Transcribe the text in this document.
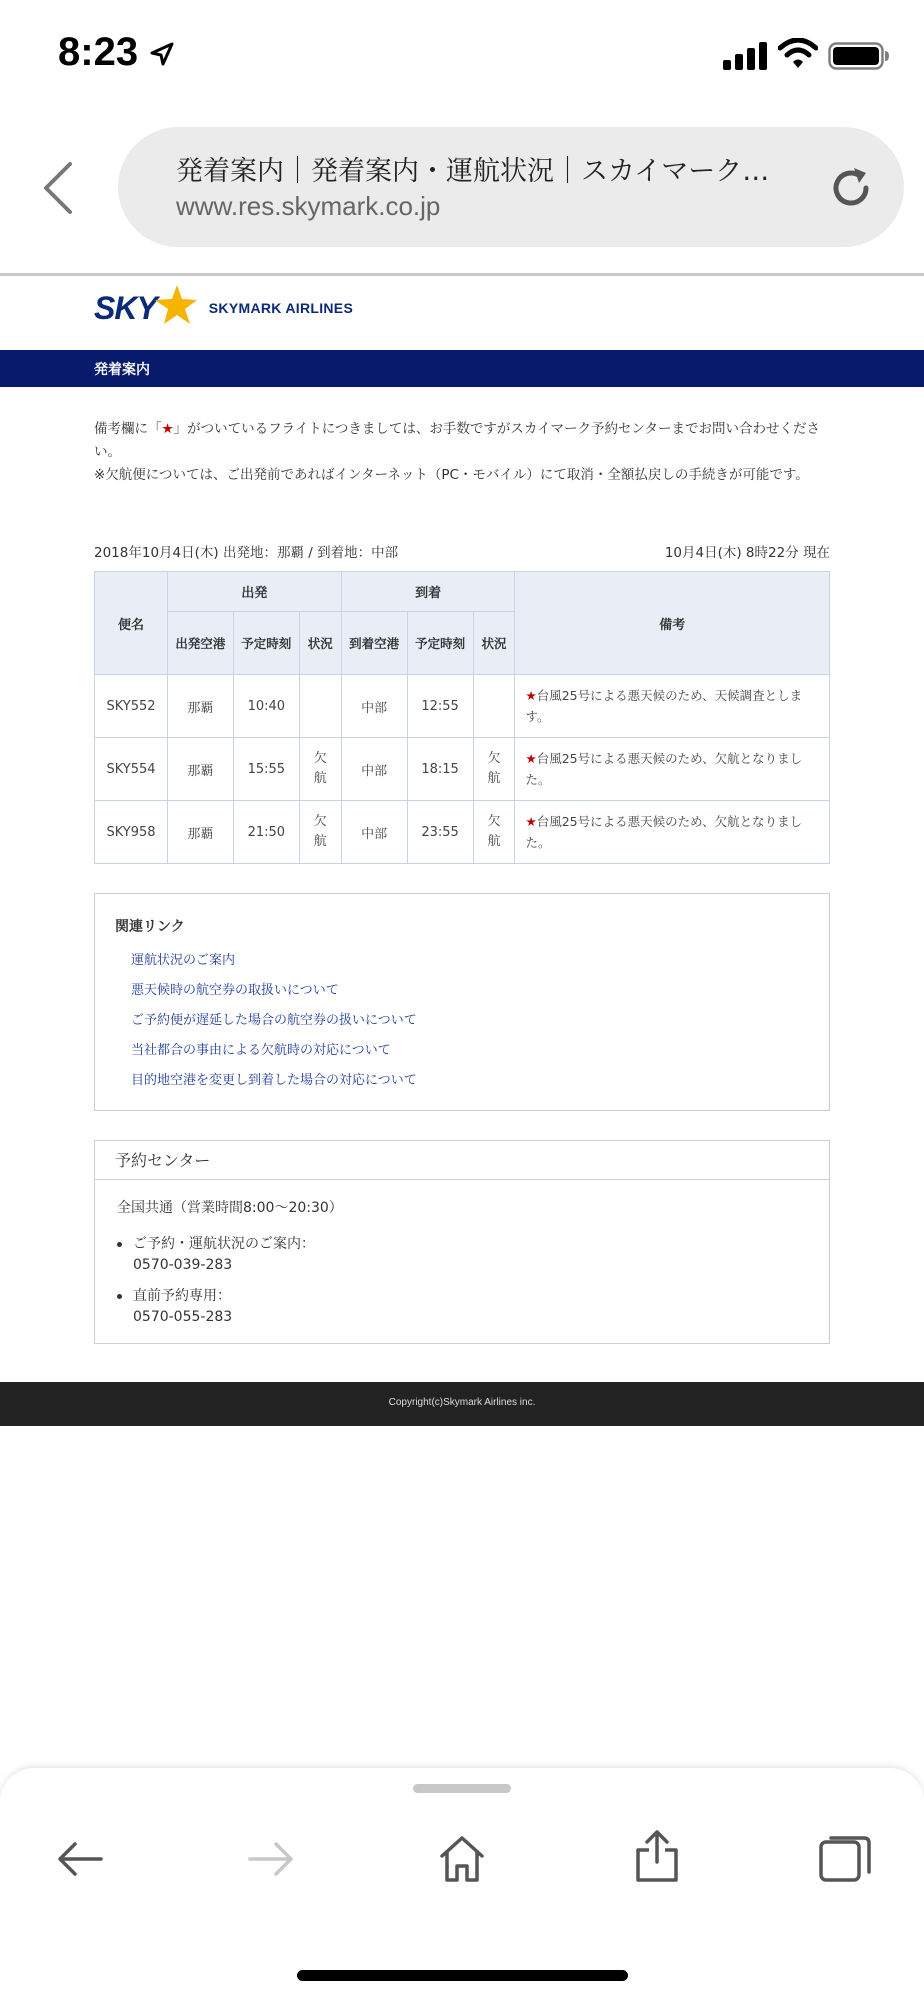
8:23
発着案内｜発着案内・運航状況｜スカイマーク…
www.res.skymark.co.jp
SKY	SKYMARK AIRLINES
発着案内
備考欄に「★」がついているフライトにつきましては、お手数ですがスカイマーク予約センターまでお問い合わせください。
※欠航便については、ご出発前であればインターネット（PC・モバイル）にて取消・全額払戻しの手続きが可能です。
2018年10月4日(木) 出発地：那覇 / 到着地：中部	10月4日(木) 8時22分 現在
便名	出発			到着			備考
	出発空港	予定時刻	状況	到着空港	予定時刻	状況	
SKY552	那覇	10:40		中部	12:55		★台風25号による悪天候のため、天候調査とします。
SKY554	那覇	15:55	欠航	中部	18:15	欠航	★台風25号による悪天候のため、欠航となりました。
SKY958	那覇	21:50	欠航	中部	23:55	欠航	★台風25号による悪天候のため、欠航となりました。
関連リンク
運航状況のご案内
悪天候時の航空券の取扱いについて
ご予約便が遅延した場合の航空券の扱いについて
当社都合の事由による欠航時の対応について
目的地空港を変更し到着した場合の対応について
予約センター
全国共通（営業時間8:00〜20:30）
ご予約・運航状況のご案内：
0570-039-283
直前予約専用：
0570-055-283
Copyright(c)Skymark Airlines inc.
